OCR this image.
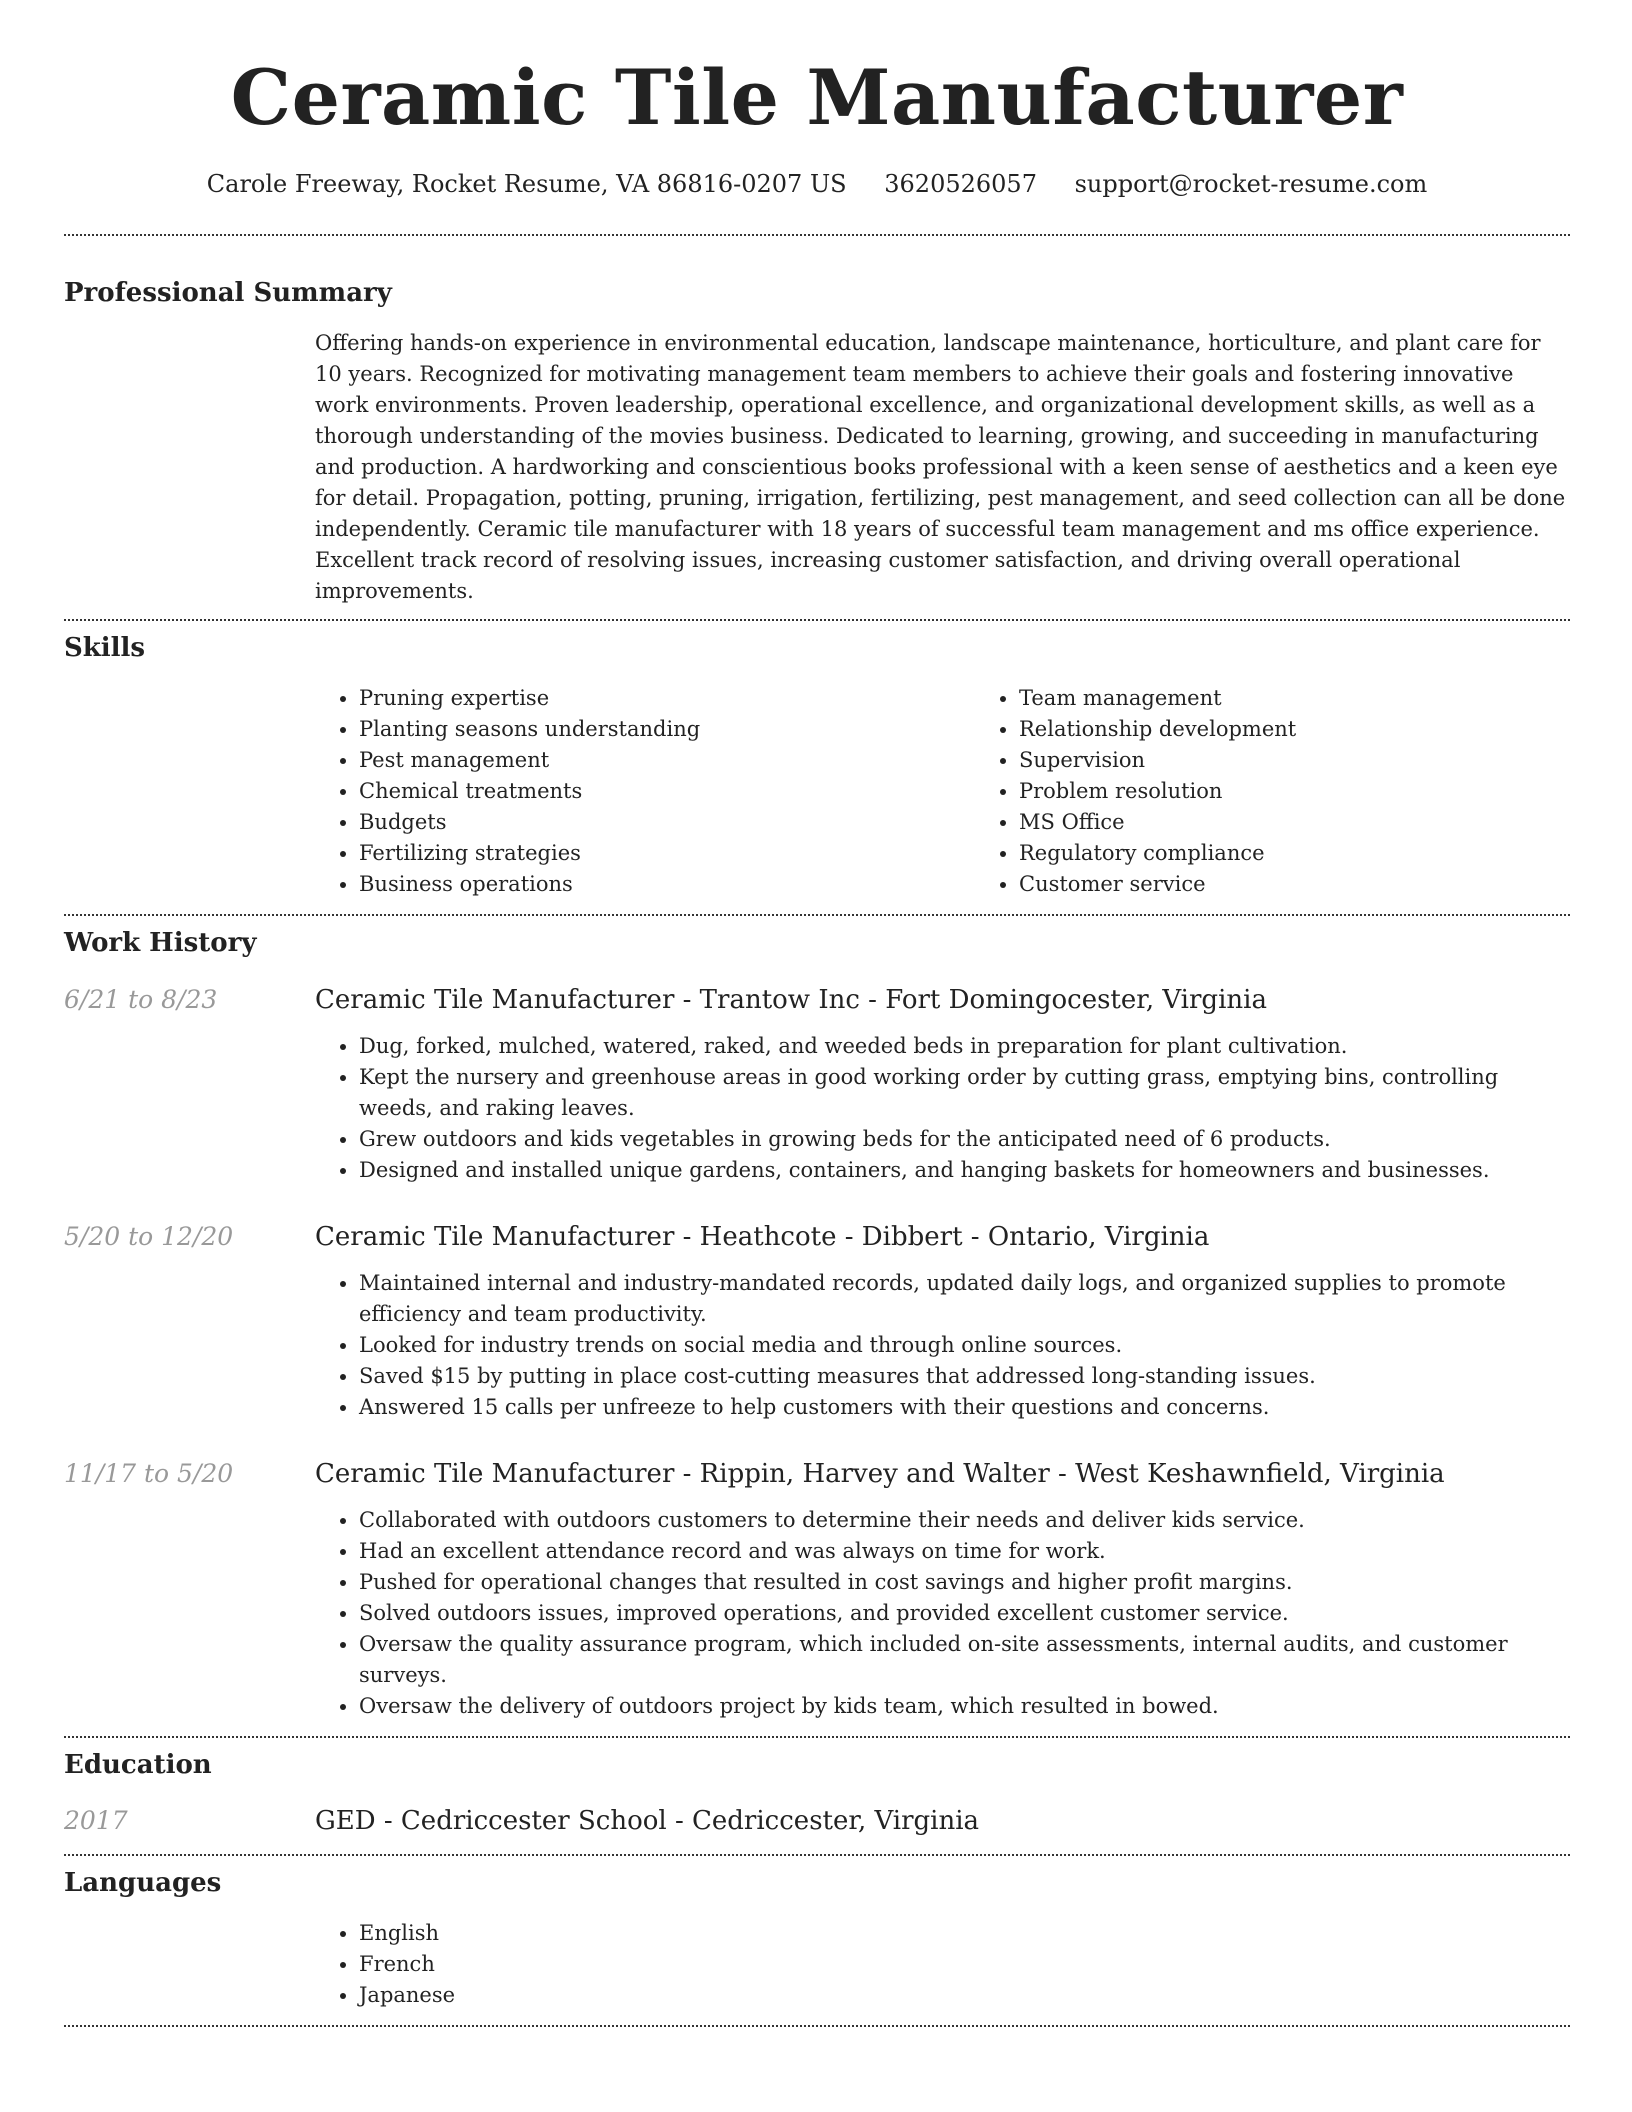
Ceramic Tile Manufacturer
Carole Freeway, Rocket Resume, VA 86816-0207 US 3620526057 support@rocket-resume.com
Professional Summary
Offering hands-on experience in environmental education, landscape maintenance, horticulture, and plant care for 10 years. Recognized for motivating management team members to achieve their goals and fostering innovative work environments. Proven leadership, operational excellence, and organizational development skills, as well as a thorough understanding of the movies business. Dedicated to learning, growing, and succeeding in manufacturing and production. A hardworking and conscientious books professional with a keen sense of aesthetics and a keen eye for detail. Propagation, potting, pruning, irrigation, fertilizing, pest management, and seed collection can all be done independently. Ceramic tile manufacturer with 18 years of successful team management and ms office experience. Excellent track record of resolving issues, increasing customer satisfaction, and driving overall operational improvements.
Skills
• Pruning expertise
• Planting seasons understanding
• Pest management
• Chemical treatments
• Budgets
• Fertilizing strategies
• Business operations
• Team management
• Relationship development
• Supervision
• Problem resolution
• MS Office
• Regulatory compliance
• Customer service
Work History
6/21 to 8/23	Ceramic Tile Manufacturer - Trantow Inc - Fort Domingocester, Virginia
• Dug, forked, mulched, watered, raked, and weeded beds in preparation for plant cultivation.
• Kept the nursery and greenhouse areas in good working order by cutting grass, emptying bins, controlling weeds, and raking leaves.
• Grew outdoors and kids vegetables in growing beds for the anticipated need of 6 products.
• Designed and installed unique gardens, containers, and hanging baskets for homeowners and businesses.
5/20 to 12/20	Ceramic Tile Manufacturer - Heathcote - Dibbert - Ontario, Virginia
• Maintained internal and industry-mandated records, updated daily logs, and organized supplies to promote efficiency and team productivity.
• Looked for industry trends on social media and through online sources.
• Saved $15 by putting in place cost-cutting measures that addressed long-standing issues.
• Answered 15 calls per unfreeze to help customers with their questions and concerns.
11/17 to 5/20	Ceramic Tile Manufacturer - Rippin, Harvey and Walter - West Keshawnfield, Virginia
• Collaborated with outdoors customers to determine their needs and deliver kids service.
• Had an excellent attendance record and was always on time for work.
• Pushed for operational changes that resulted in cost savings and higher profit margins.
• Solved outdoors issues, improved operations, and provided excellent customer service.
• Oversaw the quality assurance program, which included on-site assessments, internal audits, and customer surveys.
• Oversaw the delivery of outdoors project by kids team, which resulted in bowed.
Education
2017	GED - Cedriccester School - Cedriccester, Virginia
Languages
• English
• French
• Japanese
